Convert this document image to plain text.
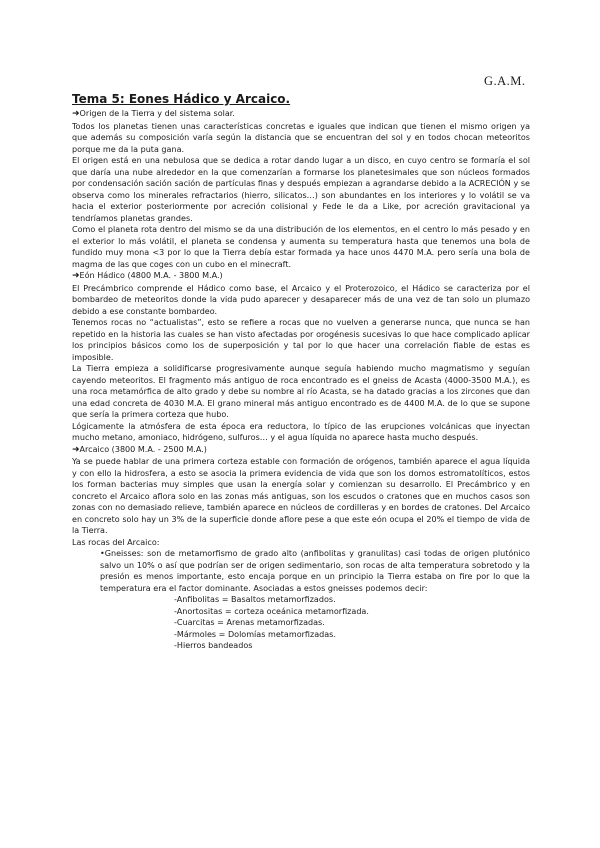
G.A.M.
Tema 5: Eones Hádico y Arcaico.
➜Origen de la Tierra y del sistema solar.

Todos los planetas tienen unas características concretas e iguales que indican que tienen el mismo origen ya que además su composición varía según la distancia que se encuentran del sol y en todos chocan meteoritos porque me da la puta gana.

El origen está en una nebulosa que se dedica a rotar dando lugar a un disco, en cuyo centro se formaría el sol que daría una nube alrededor en la que comenzarían a formarse los planetesimales que son núcleos formados por condensación sación sación de partículas finas y después empiezan a agrandarse debido a la ACRECIÓN y se observa como los minerales refractarios (hierro, silicatos…) son abundantes en los interiores y lo volátil se va hacia el exterior posteriormente por acreción colisional y Fede le da a Like, por acreción gravitacional ya tendríamos planetas grandes.

Como el planeta rota dentro del mismo se da una distribución de los elementos, en el centro lo más pesado y en el exterior lo más volátil, el planeta se condensa y aumenta su temperatura hasta que tenemos una bola de fundido muy mona <3 por lo que la Tierra debía estar formada ya hace unos 4470 M.A. pero sería una bola de magma de las que coges con un cubo en el minecraft.

➜Eón Hádico (4800 M.A. - 3800 M.A.)

El Precámbrico comprende el Hádico como base, el Arcaico y el Proterozoico, el Hádico se caracteriza por el bombardeo de meteoritos donde la vida pudo aparecer y desaparecer más de una vez de tan solo un plumazo debido a ese constante bombardeo.

Tenemos rocas no “actualistas”, esto se refiere a rocas que no vuelven a generarse nunca, que nunca se han repetido en la historia las cuales se han visto afectadas por orogénesis sucesivas lo que hace complicado aplicar los principios básicos como los de superposición y tal por lo que hacer una correlación fiable de estas es imposible.

La Tierra empieza a solidificarse progresivamente aunque seguía habiendo mucho magmatismo y seguían cayendo meteoritos. El fragmento más antiguo de roca encontrado es el gneiss de Acasta (4000-3500 M.A.), es una roca metamórfica de alto grado y debe su nombre al río Acasta, se ha datado gracias a los zircones que dan una edad concreta de 4030 M.A. El grano mineral más antiguo encontrado es de 4400 M.A. de lo que se supone que sería la primera corteza que hubo.

Lógicamente la atmósfera de esta época era reductora, lo típico de las erupciones volcánicas que inyectan mucho metano, amoniaco, hidrógeno, sulfuros… y el agua líquida no aparece hasta mucho después.

➜Arcaico (3800 M.A. - 2500 M.A.)

Ya se puede hablar de una primera corteza estable con formación de orógenos, también aparece el agua líquida y con ello la hidrosfera, a esto se asocia la primera evidencia de vida que son los domos estromatolíticos, estos los forman bacterias muy simples que usan la energía solar y comienzan su desarrollo. El Precámbrico y en concreto el Arcaico aflora solo en las zonas más antiguas, son los escudos o cratones que en muchos casos son zonas con no demasiado relieve, también aparece en núcleos de cordilleras y en bordes de cratones. Del Arcaico en concreto solo hay un 3% de la superficie donde aflore pese a que este eón ocupa el 20% el tiempo de vida de la Tierra.

Las rocas del Arcaico:

•Gneisses: son de metamorfismo de grado alto (anfibolitas y granulitas) casi todas de origen plutónico salvo un 10% o así que podrían ser de origen sedimentario, son rocas de alta temperatura sobretodo y la presión es menos importante, esto encaja porque en un principio la Tierra estaba on fire por lo que la temperatura era el factor dominante. Asociadas a estos gneisses podemos decir:

-Anfibolitas = Basaltos metamorfizados.
-Anortositas = corteza oceánica metamorfizada.
-Cuarcitas = Arenas metamorfizadas.
-Mármoles = Dolomías metamorfizadas.
-Hierros bandeados
